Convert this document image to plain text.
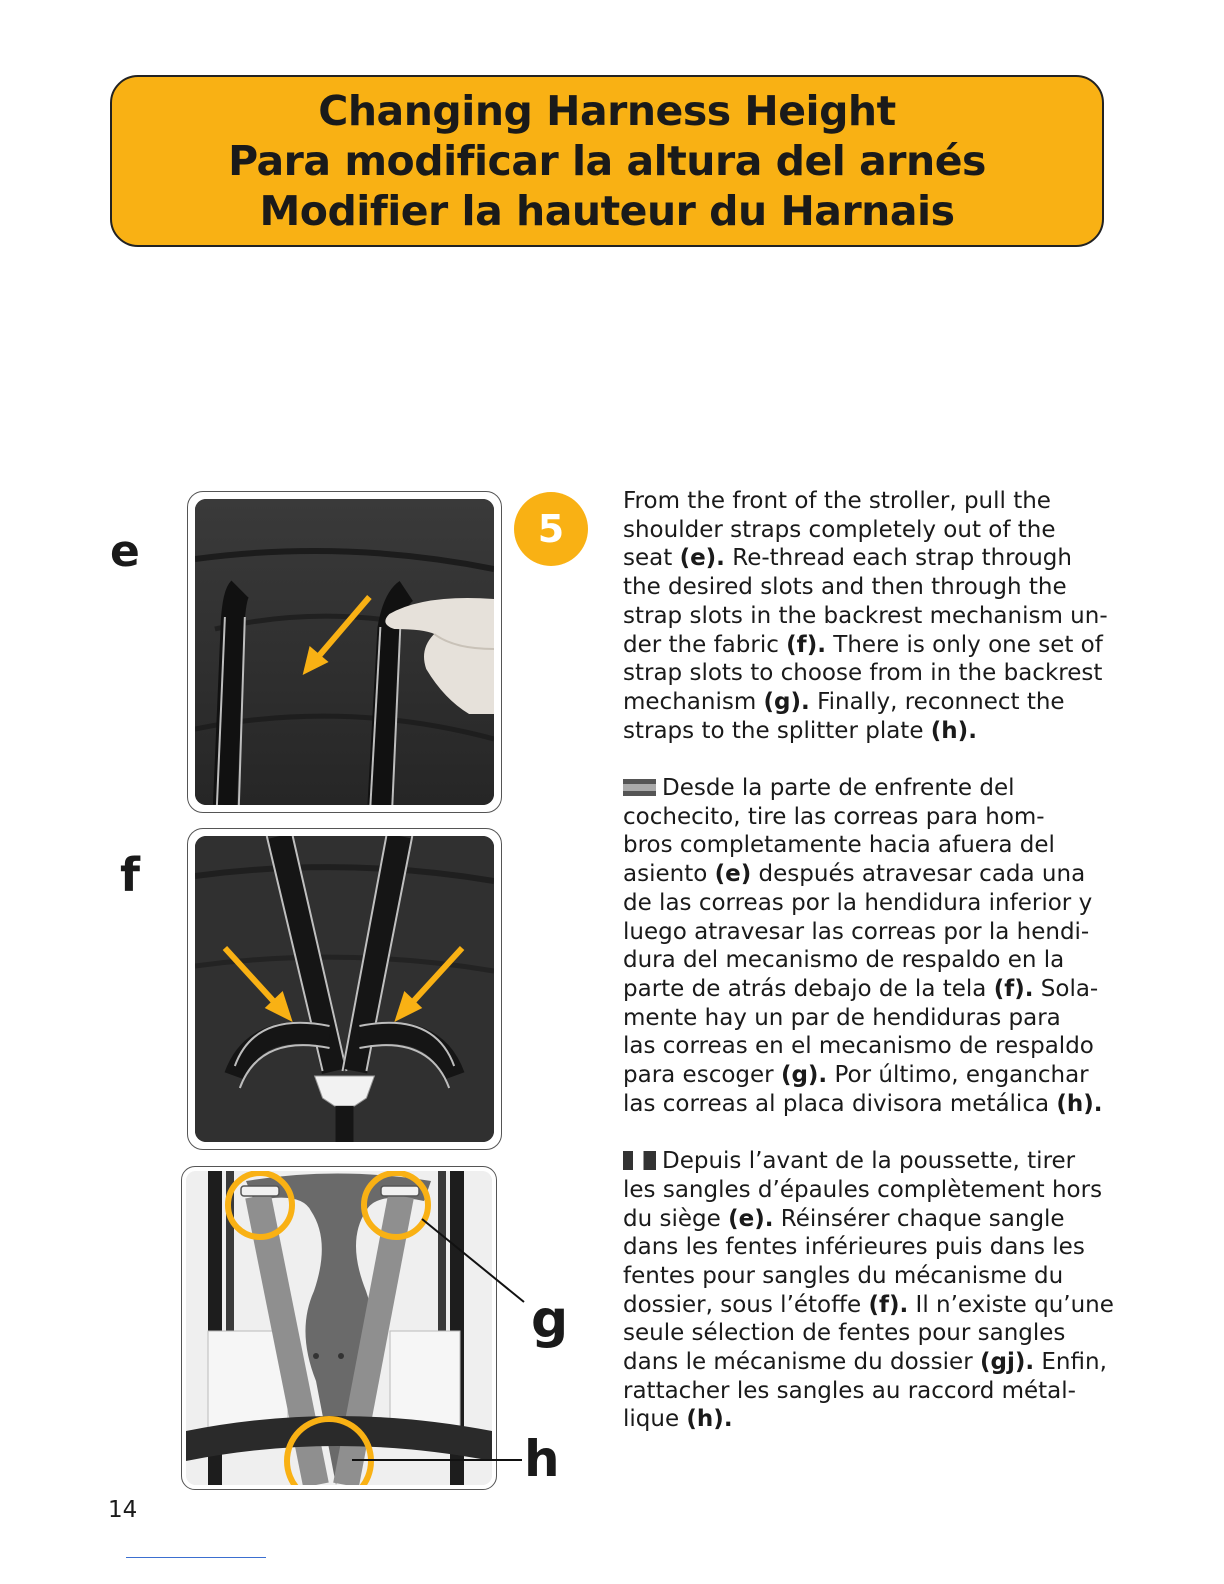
Changing Harness Height
Para modificar la altura del arnés
Modifier la hauteur du Harnais
e
f
g
h
5
From the front of the stroller, pull the
shoulder straps completely out of the
seat (e). Re-thread each strap through
the desired slots and then through the
strap slots in the backrest mechanism un-
der the fabric (f). There is only one set of
strap slots to choose from in the backrest
mechanism (g). Finally, reconnect the
straps to the splitter plate (h).
Desde la parte de enfrente del
cochecito, tire las correas para hom-
bros completamente hacia afuera del
asiento (e) después atravesar cada una
de las correas por la hendidura inferior y
luego atravesar las correas por la hendi-
dura del mecanismo de respaldo en la
parte de atrás debajo de la tela (f). Sola-
mente hay un par de hendiduras para
las correas en el mecanismo de respaldo
para escoger (g). Por último, enganchar
las correas al placa divisora metálica (h).
Depuis l’avant de la poussette, tirer
les sangles d’épaules complètement hors
du siège (e). Réinsérer chaque sangle
dans les fentes inférieures puis dans les
fentes pour sangles du mécanisme du
dossier, sous l’étoffe (f). Il n’existe qu’une
seule sélection de fentes pour sangles
dans le mécanisme du dossier (gj). Enfin,
rattacher les sangles au raccord métal-
lique (h).
14
